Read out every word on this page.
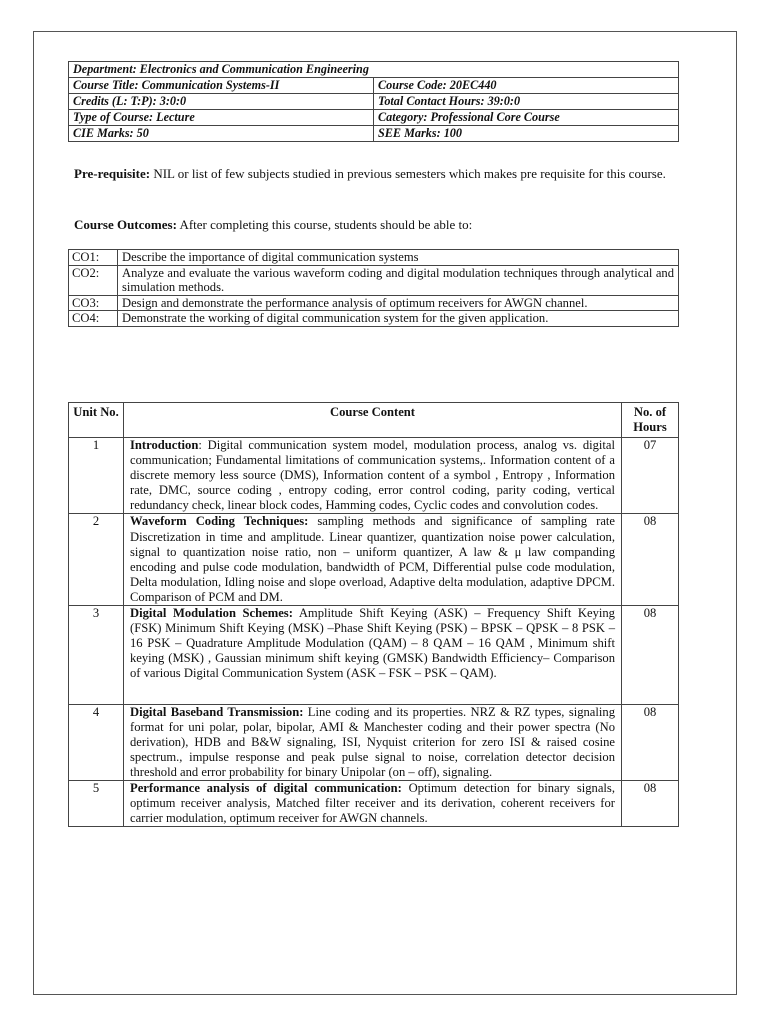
Department: Electronics and Communication Engineering	
Course Title: Communication Systems-II	Course Code: 20EC440
Credits (L: T:P): 3:0:0	Total Contact Hours: 39:0:0
Type of Course: Lecture	Category: Professional Core Course
CIE Marks: 50	SEE Marks: 100
Pre-requisite: NIL or list of few subjects studied in previous semesters which makes pre requisite for this course.
Course Outcomes: After completing this course, students should be able to:
CO1:	Describe the importance of digital communication systems
CO2:	Analyze and evaluate the various waveform coding and digital modulation techniques through analytical and simulation methods.
CO3:	Design and demonstrate the performance analysis of optimum receivers for AWGN channel.
CO4:	Demonstrate the working of digital communication system for the given application.
Unit No.	Course Content	No. of Hours
1	Introduction: Digital communication system model, modulation process, analog vs. digital communication; Fundamental limitations of communication systems,. Information content of a discrete memory less source (DMS), Information content of a symbol , Entropy , Information rate, DMC, source coding , entropy coding, error control coding, parity coding, vertical redundancy check, linear block codes, Hamming codes, Cyclic codes and convolution codes.	07
2	Waveform Coding Techniques: sampling methods and significance of sampling rate Discretization in time and amplitude. Linear quantizer, quantization noise power calculation, signal to quantization noise ratio, non – uniform quantizer, A law & μ law companding encoding and pulse code modulation, bandwidth of PCM, Differential pulse code modulation, Delta modulation, Idling noise and slope overload, Adaptive delta modulation, adaptive DPCM. Comparison of PCM and DM.	08
3	Digital Modulation Schemes: Amplitude Shift Keying (ASK) – Frequency Shift Keying (FSK) Minimum Shift Keying (MSK) –Phase Shift Keying (PSK) – BPSK – QPSK – 8 PSK – 16 PSK – Quadrature Amplitude Modulation (QAM) – 8 QAM – 16 QAM , Minimum shift keying (MSK) , Gaussian minimum shift keying (GMSK) Bandwidth Efficiency– Comparison of various Digital Communication System (ASK – FSK – PSK – QAM).	08
4	Digital Baseband Transmission: Line coding and its properties. NRZ & RZ types, signaling format for uni polar, polar, bipolar, AMI & Manchester coding and their power spectra (No derivation), HDB and B&W signaling, ISI, Nyquist criterion for zero ISI & raised cosine spectrum., impulse response and peak pulse signal to noise, correlation detector decision threshold and error probability for binary Unipolar (on – off), signaling.	08
5	Performance analysis of digital communication: Optimum detection for binary signals, optimum receiver analysis, Matched filter receiver and its derivation, coherent receivers for carrier modulation, optimum receiver for AWGN channels.	08
